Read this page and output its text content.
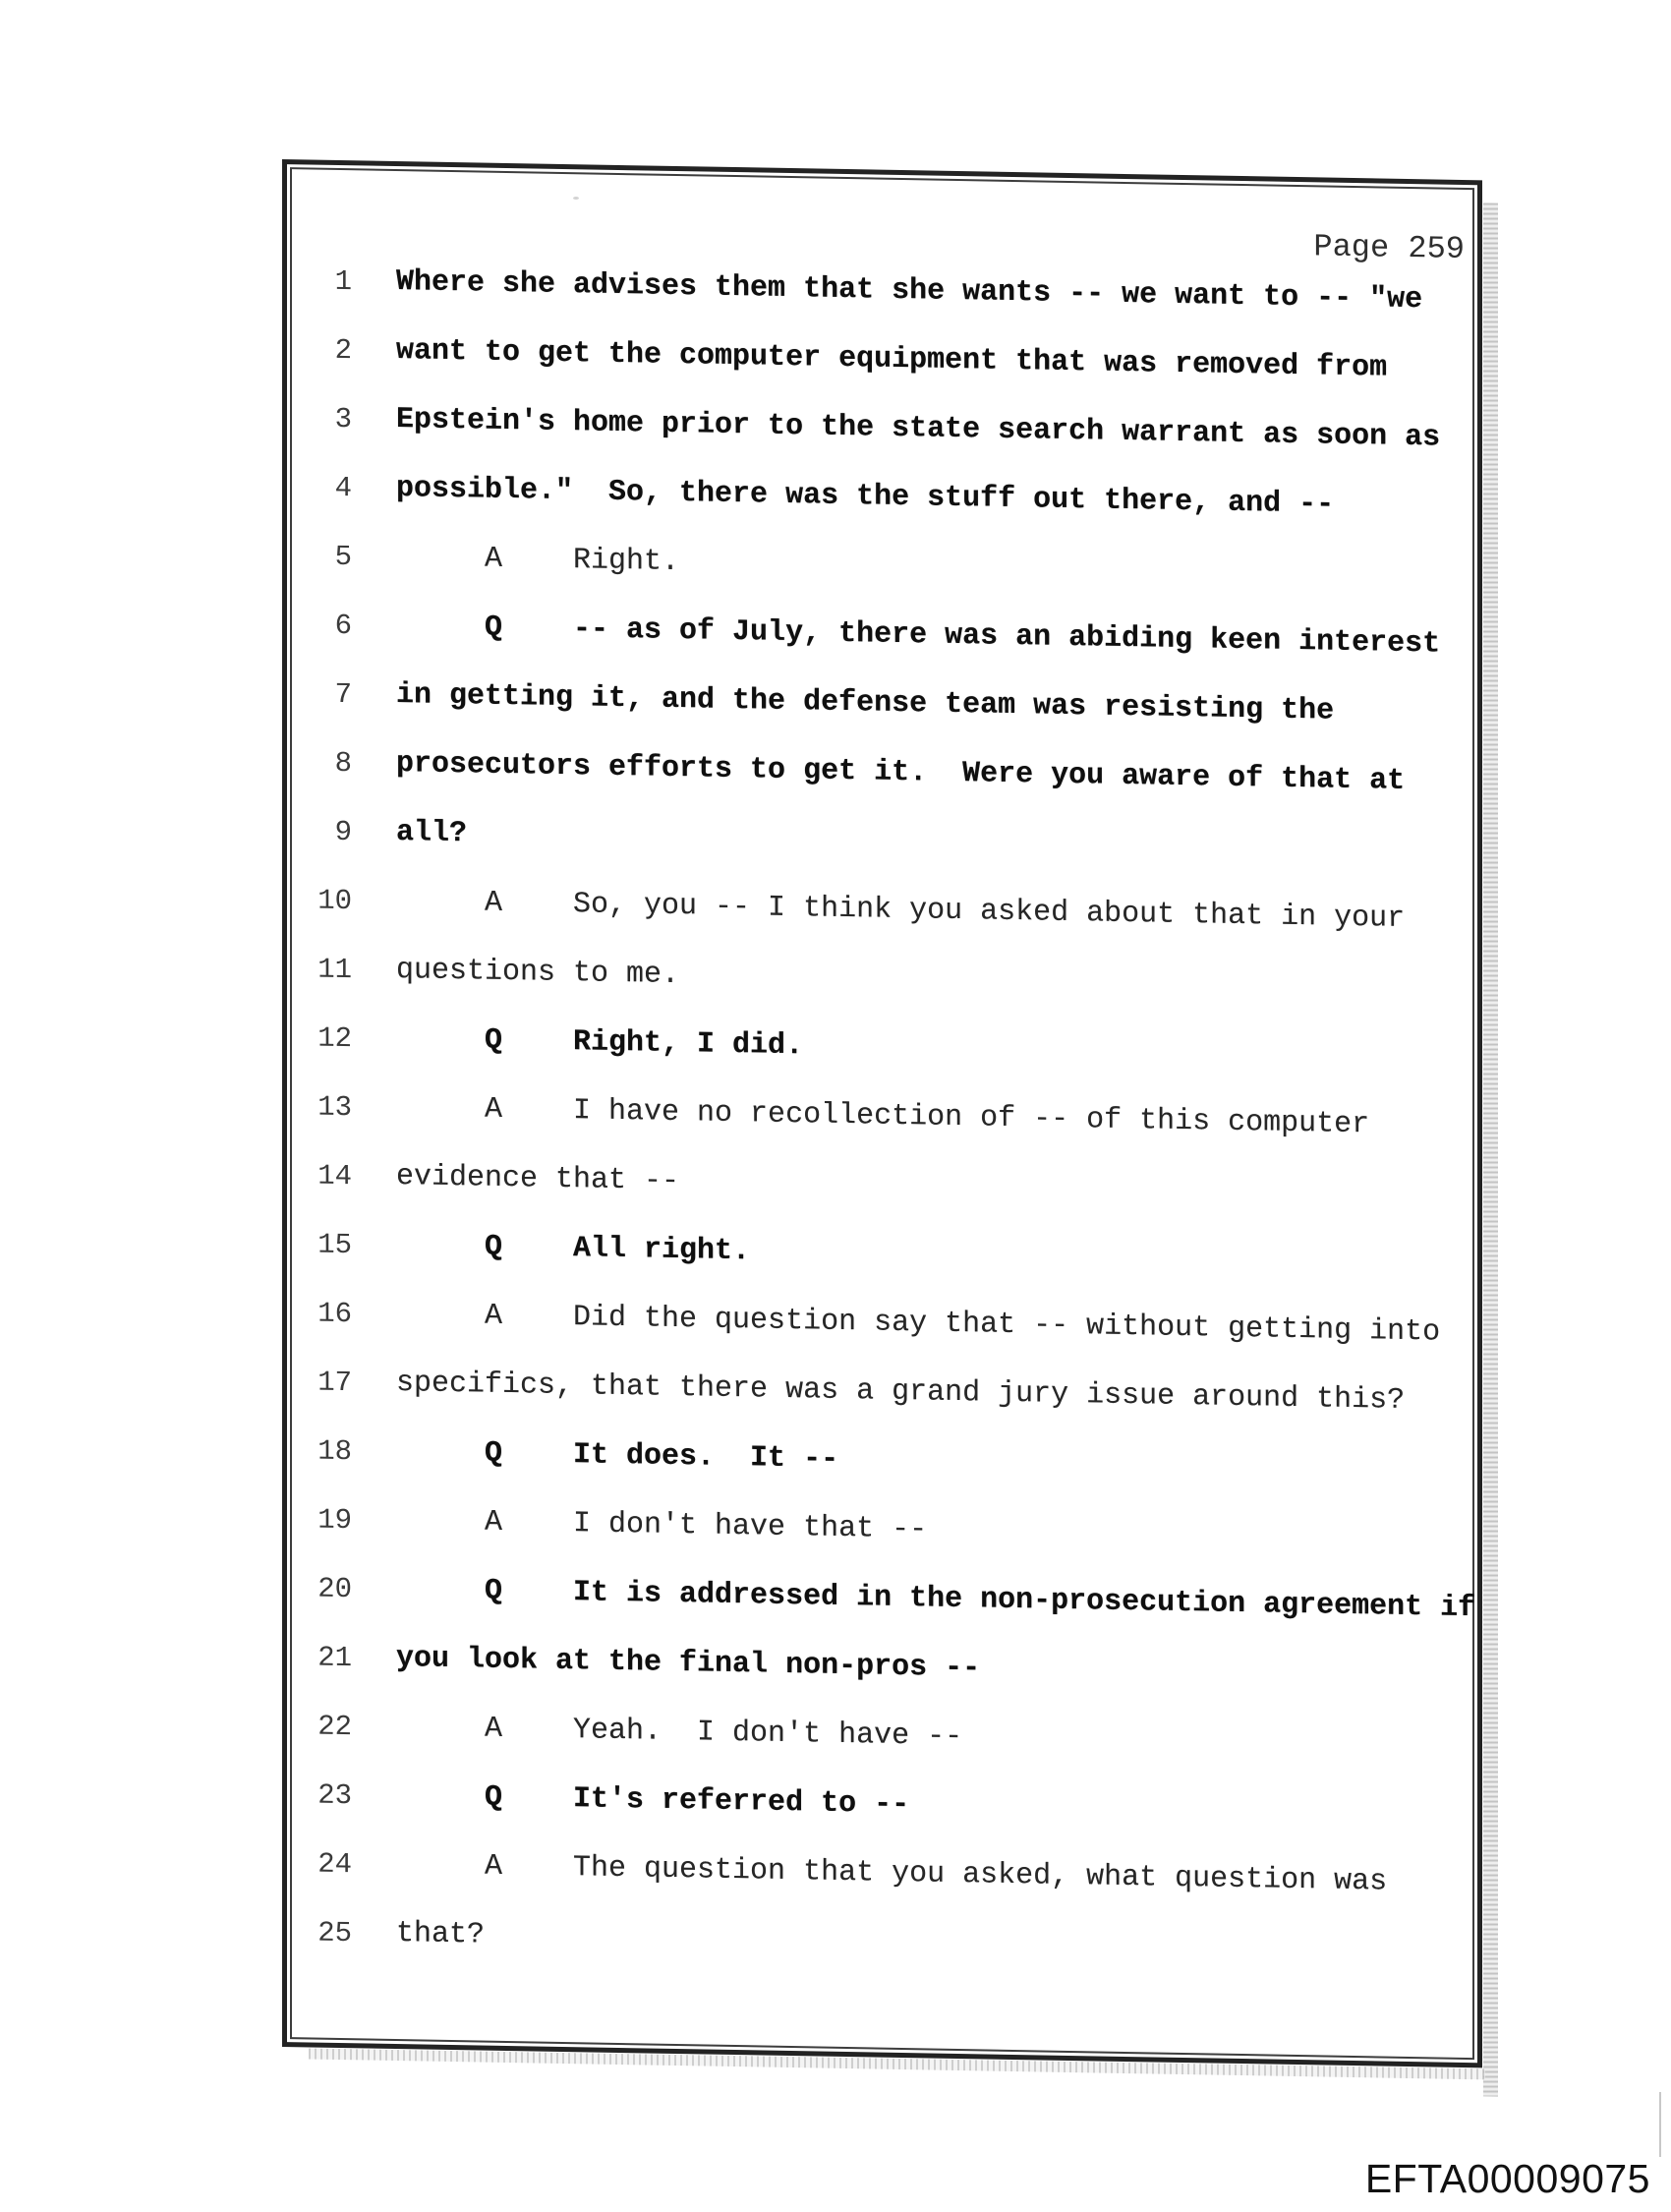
Page 259
1 Where she advises them that she wants -- we want to -- "we
2 want to get the computer equipment that was removed from
3 Epstein's home prior to the state search warrant as soon as
4 possible."  So, there was the stuff out there, and --
5 A    Right.
6 Q    -- as of July, there was an abiding keen interest
7 in getting it, and the defense team was resisting the
8 prosecutors efforts to get it.  Were you aware of that at
9 all?
10 A    So, you -- I think you asked about that in your
11 questions to me.
12 Q    Right, I did.
13 A    I have no recollection of -- of this computer
14 evidence that --
15 Q    All right.
16 A    Did the question say that -- without getting into
17 specifics, that there was a grand jury issue around this?
18 Q    It does.  It --
19 A    I don't have that --
20 Q    It is addressed in the non-prosecution agreement if
21 you look at the final non-pros --
22 A    Yeah.  I don't have --
23 Q    It's referred to --
24 A    The question that you asked, what question was
25 that?
EFTA00009075
